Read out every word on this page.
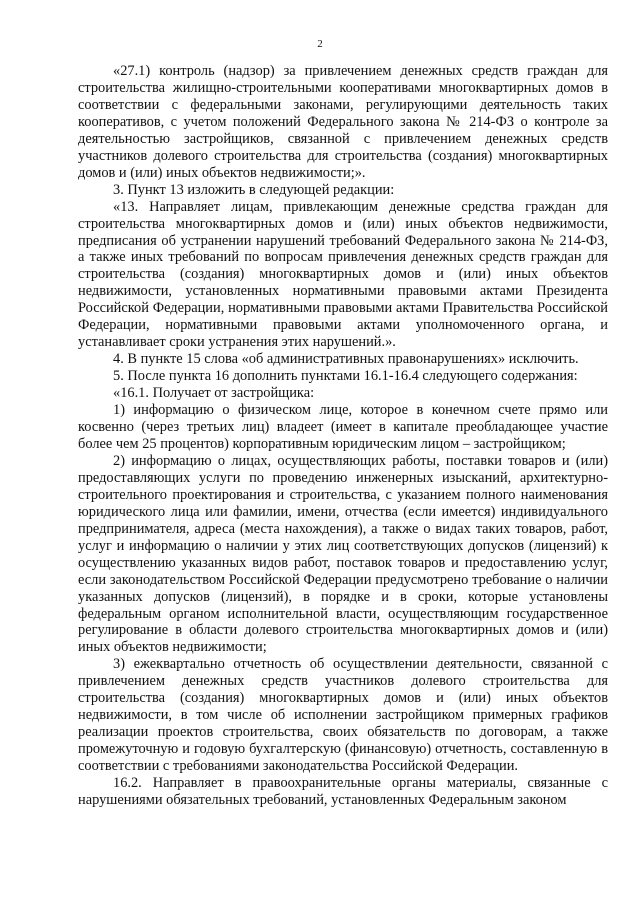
2

«27.1) контроль (надзор) за привлечением денежных средств граждан для строительства жилищно-строительными кооперативами многоквартирных домов в соответствии с федеральными законами, регулирующими деятельность таких кооперативов, с учетом положений Федерального закона № 214-ФЗ о контроле за деятельностью застройщиков, связанной с привлечением денежных средств участников долевого строительства для строительства (создания) многоквартирных домов и (или) иных объектов недвижимости;».

3. Пункт 13 изложить в следующей редакции:

«13. Направляет лицам, привлекающим денежные средства граждан для строительства многоквартирных домов и (или) иных объектов недвижимости, предписания об устранении нарушений требований Федерального закона № 214-ФЗ, а также иных требований по вопросам привлечения денежных средств граждан для строительства (создания) многоквартирных домов и (или) иных объектов недвижимости, установленных нормативными правовыми актами Президента Российской Федерации, нормативными правовыми актами Правительства Российской Федерации, нормативными правовыми актами уполномоченного органа, и устанавливает сроки устранения этих нарушений.».

4. В пункте 15 слова «об административных правонарушениях» исключить.

5. После пункта 16 дополнить пунктами 16.1-16.4 следующего содержания:

«16.1. Получает от застройщика:

1) информацию о физическом лице, которое в конечном счете прямо или косвенно (через третьих лиц) владеет (имеет в капитале преобладающее участие более чем 25 процентов) корпоративным юридическим лицом – застройщиком;

2) информацию о лицах, осуществляющих работы, поставки товаров и (или) предоставляющих услуги по проведению инженерных изысканий, архитектурно-строительного проектирования и строительства, с указанием полного наименования юридического лица или фамилии, имени, отчества (если имеется) индивидуального предпринимателя, адреса (места нахождения), а также о видах таких товаров, работ, услуг и информацию о наличии у этих лиц соответствующих допусков (лицензий) к осуществлению указанных видов работ, поставок товаров и предоставлению услуг, если законодательством Российской Федерации предусмотрено требование о наличии указанных допусков (лицензий), в порядке и в сроки, которые установлены федеральным органом исполнительной власти, осуществляющим государственное регулирование в области долевого строительства многоквартирных домов и (или) иных объектов недвижимости;

3) ежеквартально отчетность об осуществлении деятельности, связанной с привлечением денежных средств участников долевого строительства для строительства (создания) многоквартирных домов и (или) иных объектов недвижимости, в том числе об исполнении застройщиком примерных графиков реализации проектов строительства, своих обязательств по договорам, а также промежуточную и годовую бухгалтерскую (финансовую) отчетность, составленную в соответствии с требованиями законодательства Российской Федерации.

16.2. Направляет в правоохранительные органы материалы, связанные с нарушениями обязательных требований, установленных Федеральным законом
